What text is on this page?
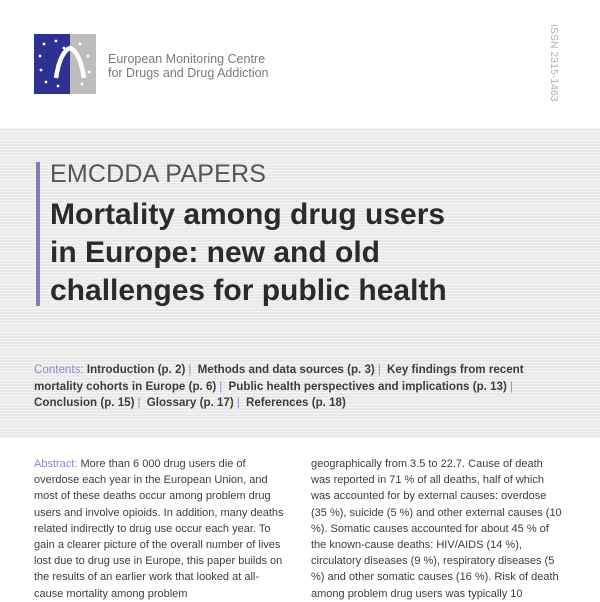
European Monitoring Centre
for Drugs and Drug Addiction	ISSN 2315-1463
EMCDDA PAPERS
Mortality among drug users
in Europe: new and old
challenges for public health
Contents: Introduction (p. 2) | Methods and data sources (p. 3) | Key findings from recent mortality cohorts in Europe (p. 6) | Public health perspectives and implications (p. 13) | Conclusion (p. 15) | Glossary (p. 17) | References (p. 18)
Abstract: More than 6 000 drug users die of overdose each year in the European Union, and most of these deaths occur among problem drug users and involve opioids. In addition, many deaths related indirectly to drug use occur each year. To gain a clearer picture of the overall number of lives lost due to drug use in Europe, this paper builds on the results of an earlier work that looked at all-cause mortality among problem
geographically from 3.5 to 22.7. Cause of death was reported in 71 % of all deaths, half of which was accounted for by external causes: overdose (35 %), suicide (5 %) and other external causes (10 %). Somatic causes accounted for about 45 % of the known-cause deaths: HIV/AIDS (14 %), circulatory diseases (9 %), respiratory diseases (5 %) and other somatic causes (16 %). Risk of death among problem drug users was typically 10
